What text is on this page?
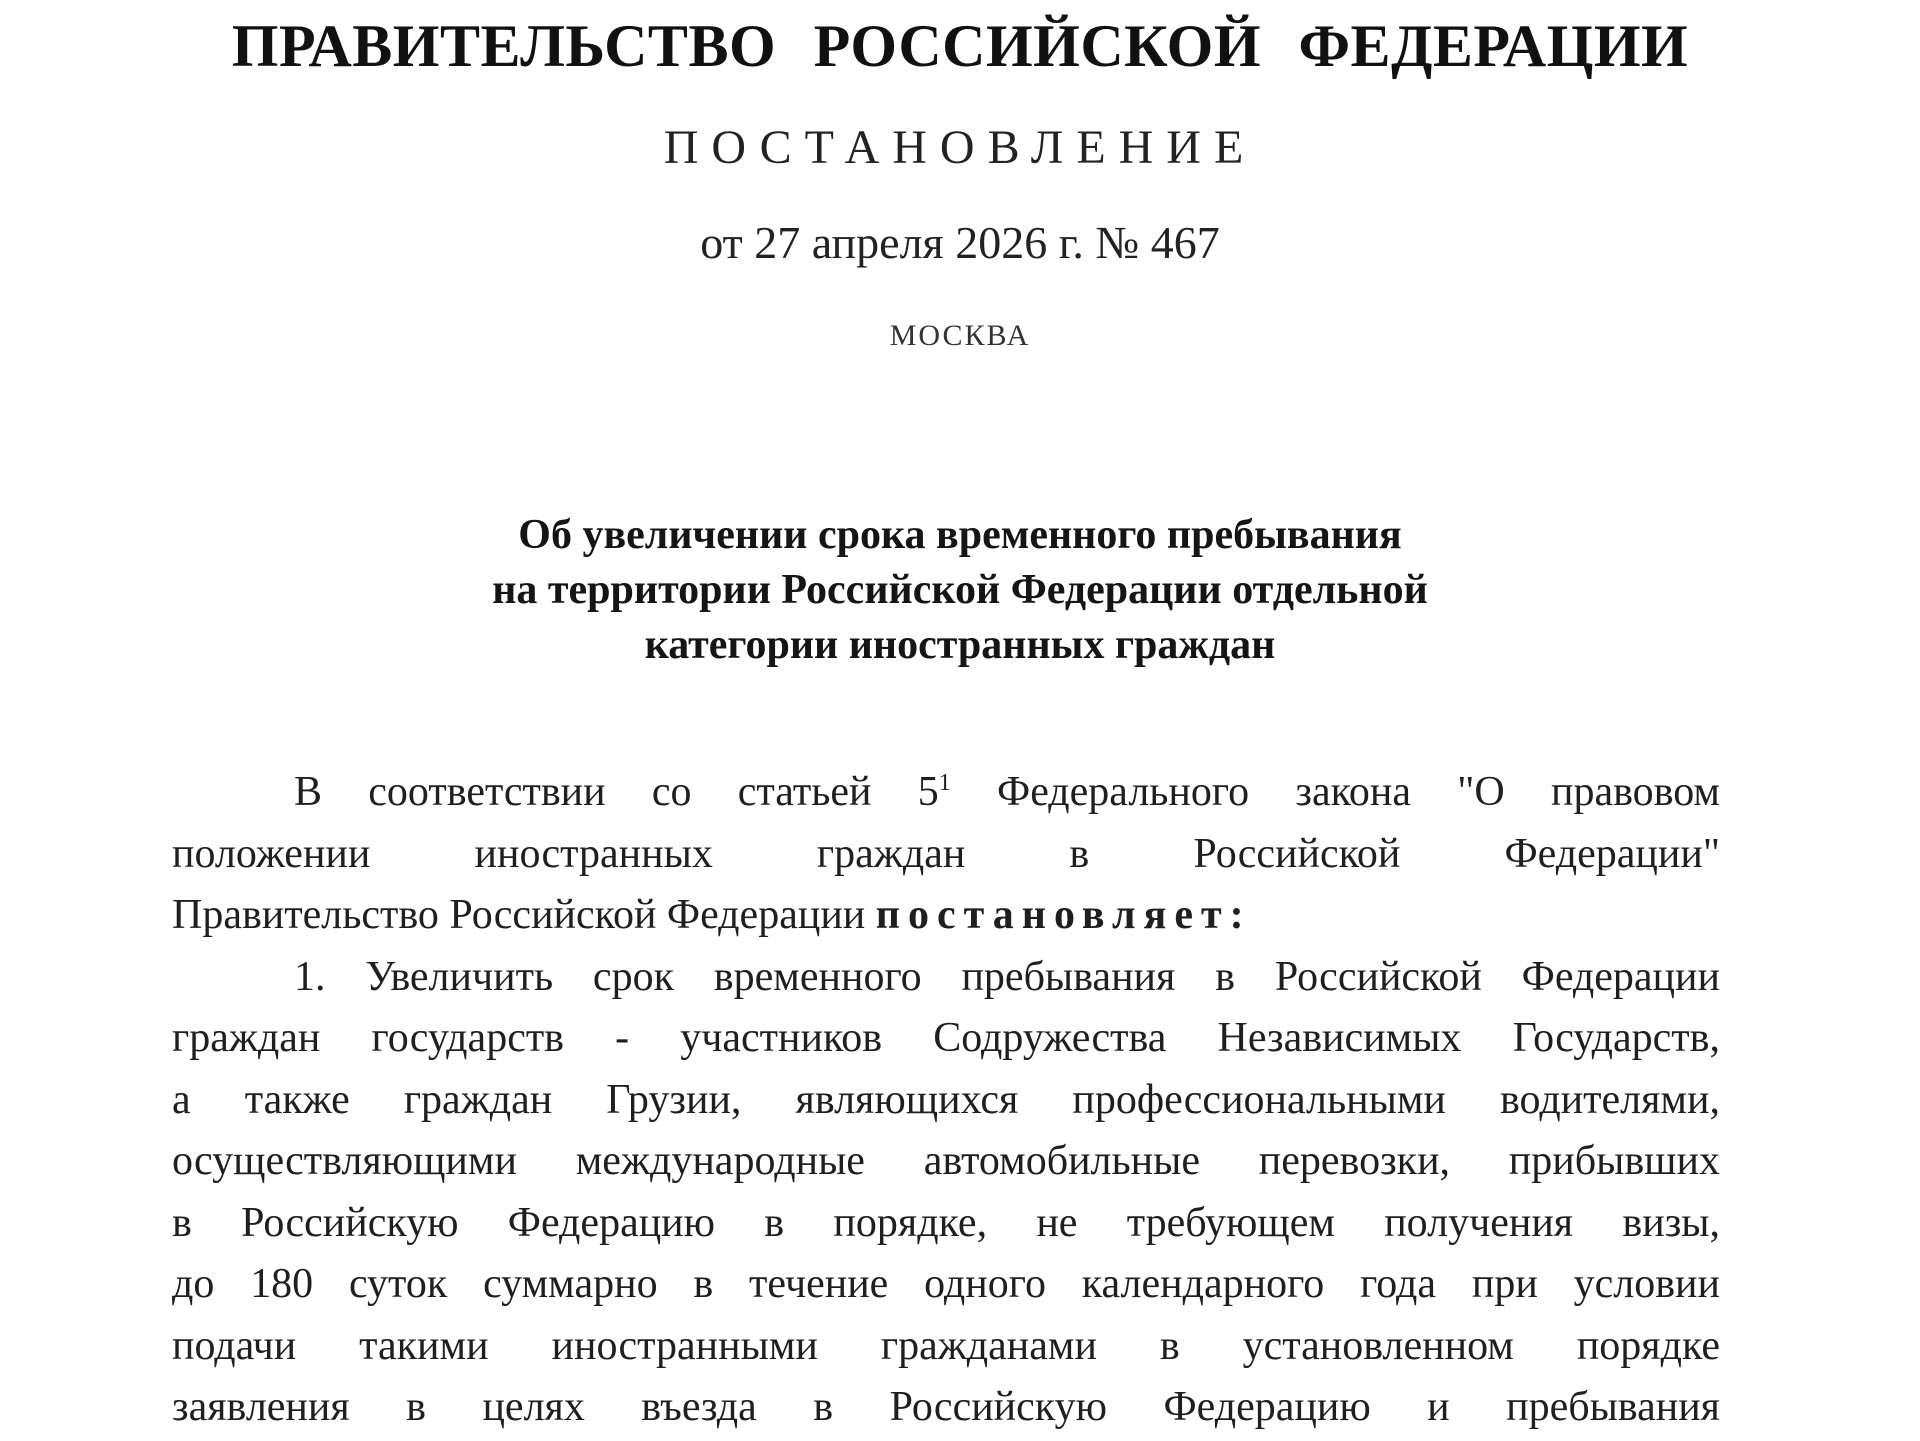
ПРАВИТЕЛЬСТВО РОССИЙСКОЙ ФЕДЕРАЦИИ
ПОСТАНОВЛЕНИЕ
от 27 апреля 2026 г. № 467
МОСКВА
Об увеличении срока временного пребывания
на территории Российской Федерации отдельной
категории иностранных граждан
В соответствии со статьей $5^1$ Федерального закона "О правовом
положении иностранных граждан в Российской Федерации"
Правительство Российской Федерации постановляет:
1. Увеличить срок временного пребывания в Российской Федерации
граждан государств - участников Содружества Независимых Государств,
а также граждан Грузии, являющихся профессиональными водителями,
осуществляющими международные автомобильные перевозки, прибывших
в Российскую Федерацию в порядке, не требующем получения визы,
до 180 суток суммарно в течение одного календарного года при условии
подачи такими иностранными гражданами в установленном порядке
заявления в целях въезда в Российскую Федерацию и пребывания
